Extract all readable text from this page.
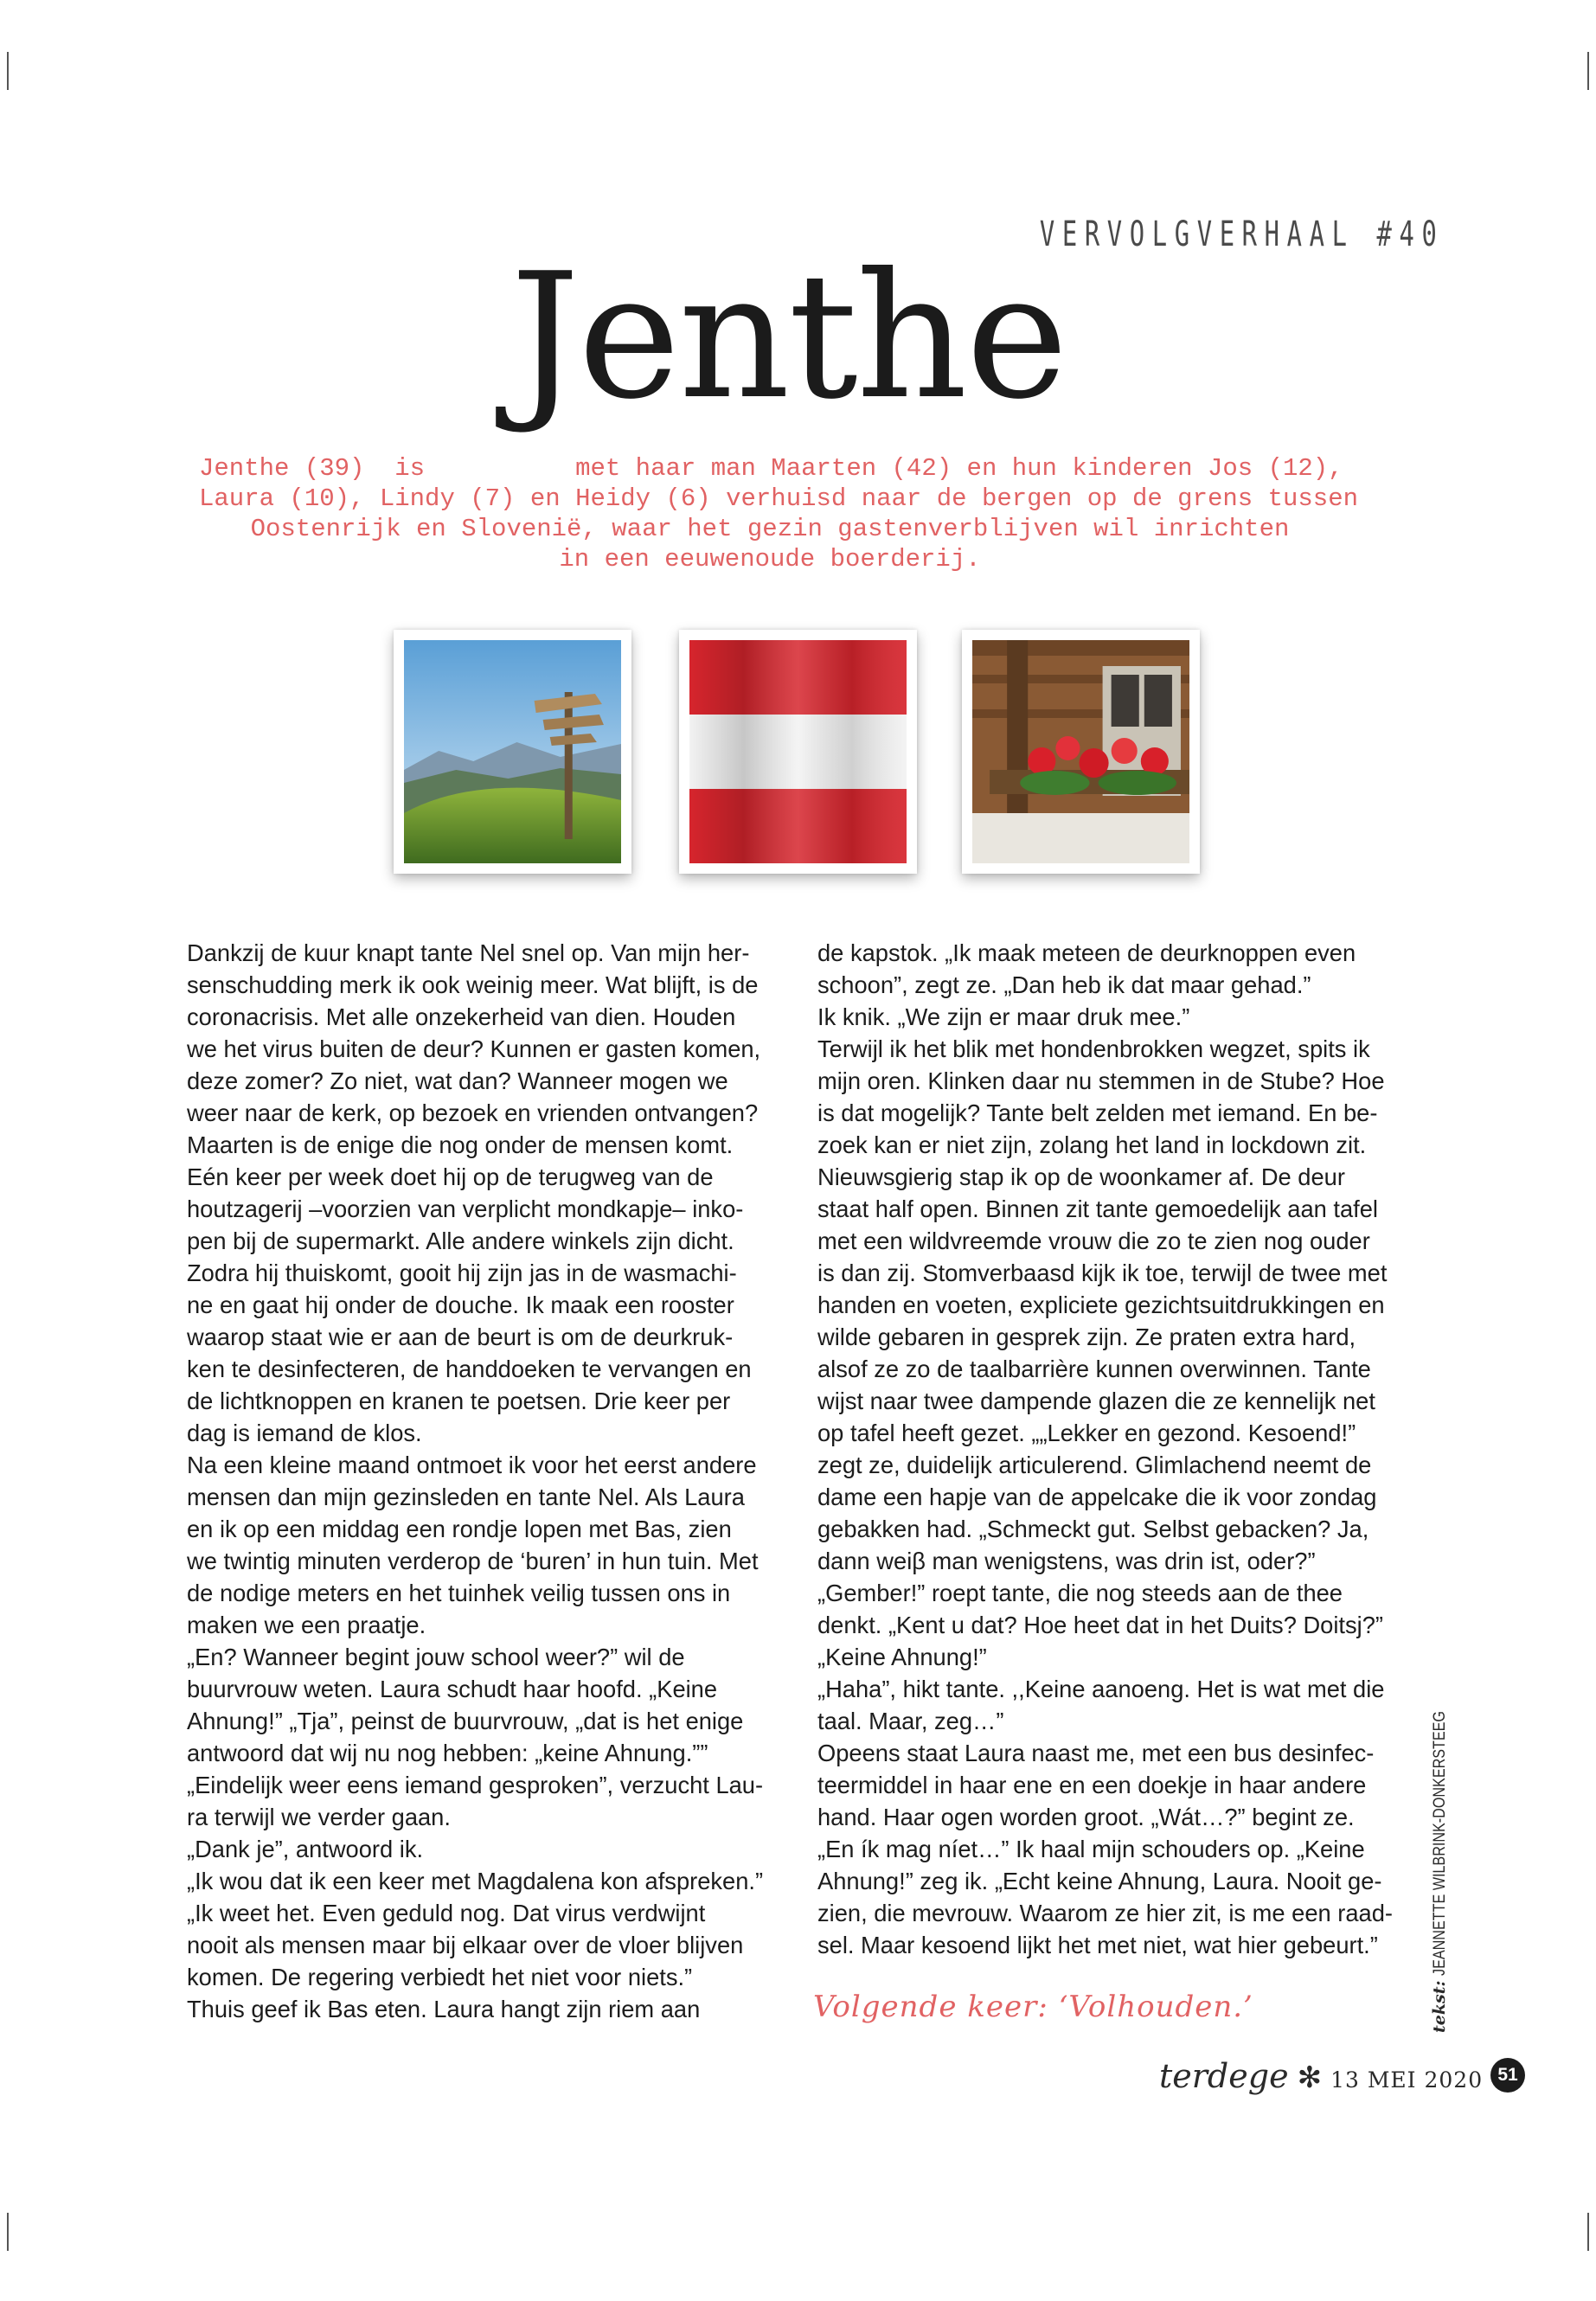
VERVOLGVERHAAL #40
Jenthe
Jenthe (39)  is          met haar man Maarten (42) en hun kinderen Jos (12),
Laura (10), Lindy (7) en Heidy (6) verhuisd naar de bergen op de grens tussen
Oostenrijk en Slovenië, waar het gezin gastenverblijven wil inrichten
in een eeuwenoude boerderij.
Dankzij de kuur knapt tante Nel snel op. Van mijn her-
senschudding merk ik ook weinig meer. Wat blijft, is de
coronacrisis. Met alle onzekerheid van dien. Houden
we het virus buiten de deur? Kunnen er gasten komen,
deze zomer? Zo niet, wat dan? Wanneer mogen we
weer naar de kerk, op bezoek en vrienden ontvangen?
Maarten is de enige die nog onder de mensen komt.
Eén keer per week doet hij op de terugweg van de
houtzagerij –voorzien van verplicht mondkapje– inko-
pen bij de supermarkt. Alle andere winkels zijn dicht.
Zodra hij thuiskomt, gooit hij zijn jas in de wasmachi-
ne en gaat hij onder de douche. Ik maak een rooster
waarop staat wie er aan de beurt is om de deurkruk-
ken te desinfecteren, de handdoeken te vervangen en
de lichtknoppen en kranen te poetsen. Drie keer per
dag is iemand de klos.
Na een kleine maand ontmoet ik voor het eerst andere
mensen dan mijn gezinsleden en tante Nel. Als Laura
en ik op een middag een rondje lopen met Bas, zien
we twintig minuten verderop de ‘buren’ in hun tuin. Met
de nodige meters en het tuinhek veilig tussen ons in
maken we een praatje.
„En? Wanneer begint jouw school weer?” wil de
buurvrouw weten. Laura schudt haar hoofd. „Keine
Ahnung!” „Tja”, peinst de buurvrouw, „dat is het enige
antwoord dat wij nu nog hebben: „keine Ahnung.””
„Eindelijk weer eens iemand gesproken”, verzucht Lau-
ra terwijl we verder gaan.
„Dank je”, antwoord ik.
„Ik wou dat ik een keer met Magdalena kon afspreken.”
„Ik weet het. Even geduld nog. Dat virus verdwijnt
nooit als mensen maar bij elkaar over de vloer blijven
komen. De regering verbiedt het niet voor niets.”
Thuis geef ik Bas eten. Laura hangt zijn riem aan
de kapstok. „Ik maak meteen de deurknoppen even
schoon”, zegt ze. „Dan heb ik dat maar gehad.”
Ik knik. „We zijn er maar druk mee.”
Terwijl ik het blik met hondenbrokken wegzet, spits ik
mijn oren. Klinken daar nu stemmen in de Stube? Hoe
is dat mogelijk? Tante belt zelden met iemand. En be-
zoek kan er niet zijn, zolang het land in lockdown zit.
Nieuwsgierig stap ik op de woonkamer af. De deur
staat half open. Binnen zit tante gemoedelijk aan tafel
met een wildvreemde vrouw die zo te zien nog ouder
is dan zij. Stomverbaasd kijk ik toe, terwijl de twee met
handen en voeten, expliciete gezichtsuitdrukkingen en
wilde gebaren in gesprek zijn. Ze praten extra hard,
alsof ze zo de taalbarrière kunnen overwinnen. Tante
wijst naar twee dampende glazen die ze kennelijk net
op tafel heeft gezet. „„Lekker en gezond. Kesoend!”
zegt ze, duidelijk articulerend. Glimlachend neemt de
dame een hapje van de appelcake die ik voor zondag
gebakken had. „Schmeckt gut. Selbst gebacken? Ja,
dann weiβ man wenigstens, was drin ist, oder?”
„Gember!” roept tante, die nog steeds aan de thee
denkt. „Kent u dat? Hoe heet dat in het Duits? Doitsj?”
„Keine Ahnung!”
„Haha”, hikt tante. ,,Keine aanoeng. Het is wat met die
taal. Maar, zeg…”
Opeens staat Laura naast me, met een bus desinfec-
teermiddel in haar ene en een doekje in haar andere
hand. Haar ogen worden groot. „Wát…?” begint ze.
„En ík mag níet…” Ik haal mijn schouders op. „Keine
Ahnung!” zeg ik. „Echt keine Ahnung, Laura. Nooit ge-
zien, die mevrouw. Waarom ze hier zit, is me een raad-
sel. Maar kesoend lijkt het met niet, wat hier gebeurt.”
Volgende keer: ‘Volhouden.’	tekst: JEANNETTE WILBRINK-DONKERSTEEG
terdege ✻ 13 MEI 2020 51
